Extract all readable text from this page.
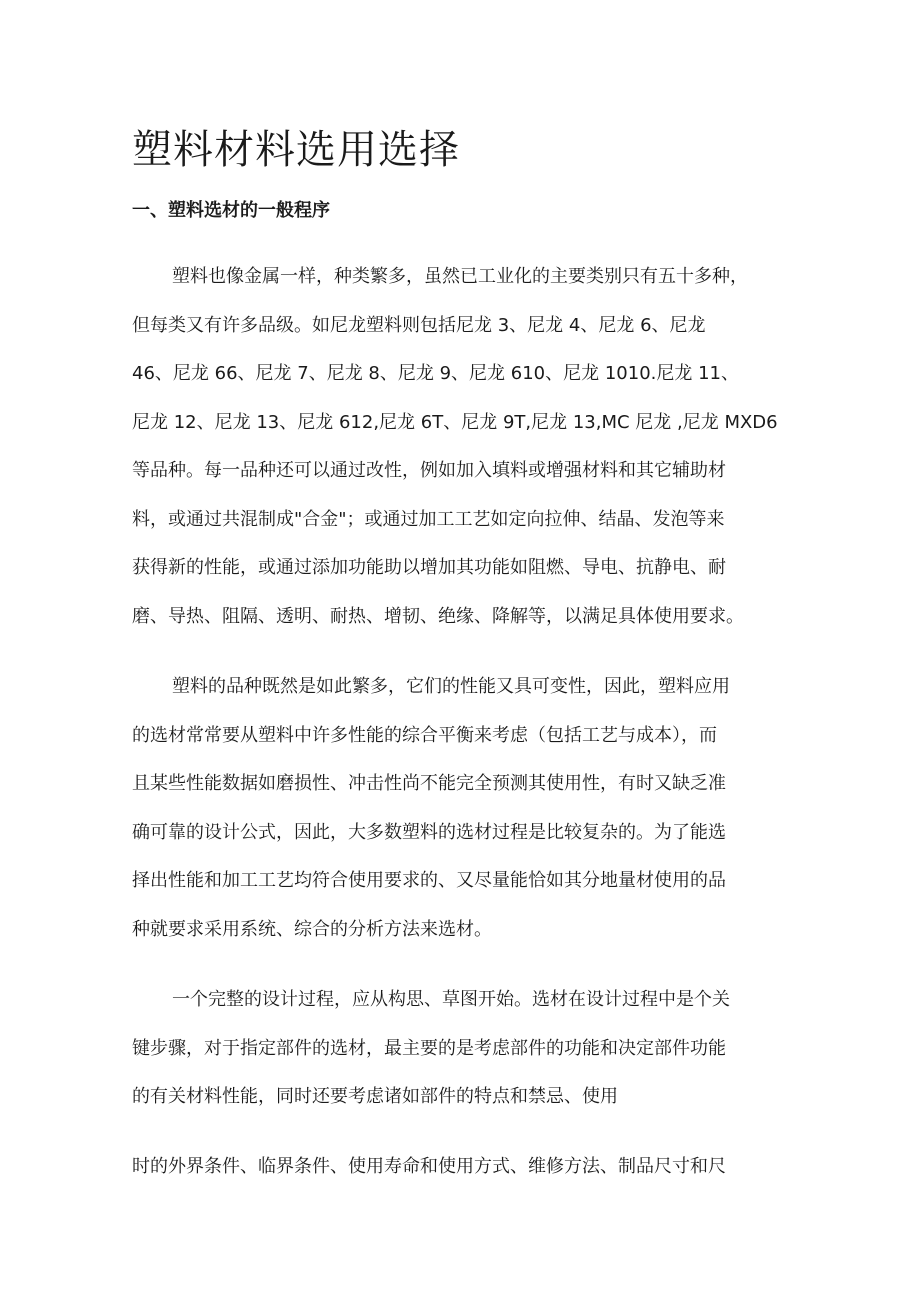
塑料材料选用选择
一、塑料选材的一般程序

塑料也像金属一样，种类繁多，虽然已工业化的主要类别只有五十多种，

但每类又有许多品级。如尼龙塑料则包括尼龙 3、尼龙 4、尼龙 6、尼龙

46、尼龙 66、尼龙 7、尼龙 8、尼龙 9、尼龙 610、尼龙 1010.尼龙 11、

尼龙 12、尼龙 13、尼龙 612,尼龙 6T、尼龙 9T,尼龙 13,MC 尼龙 ,尼龙 MXD6

等品种。每一品种还可以通过改性，例如加入填料或增强材料和其它辅助材

料，或通过共混制成"合金"；或通过加工工艺如定向拉伸、结晶、发泡等来

获得新的性能，或通过添加功能助以增加其功能如阻燃、导电、抗静电、耐

磨、导热、阻隔、透明、耐热、增韧、绝缘、降解等，以满足具体使用要求。

塑料的品种既然是如此繁多，它们的性能又具可变性，因此，塑料应用

的选材常常要从塑料中许多性能的综合平衡来考虑（包括工艺与成本），而

且某些性能数据如磨损性、冲击性尚不能完全预测其使用性，有时又缺乏准

确可靠的设计公式，因此，大多数塑料的选材过程是比较复杂的。为了能选

择出性能和加工工艺均符合使用要求的、又尽量能恰如其分地量材使用的品

种就要求采用系统、综合的分析方法来选材。

一个完整的设计过程，应从构思、草图开始。选材在设计过程中是个关

键步骤，对于指定部件的选材，最主要的是考虑部件的功能和决定部件功能

的有关材料性能，同时还要考虑诸如部件的特点和禁忌、使用

时的外界条件、临界条件、使用寿命和使用方式、维修方法、制品尺寸和尺
